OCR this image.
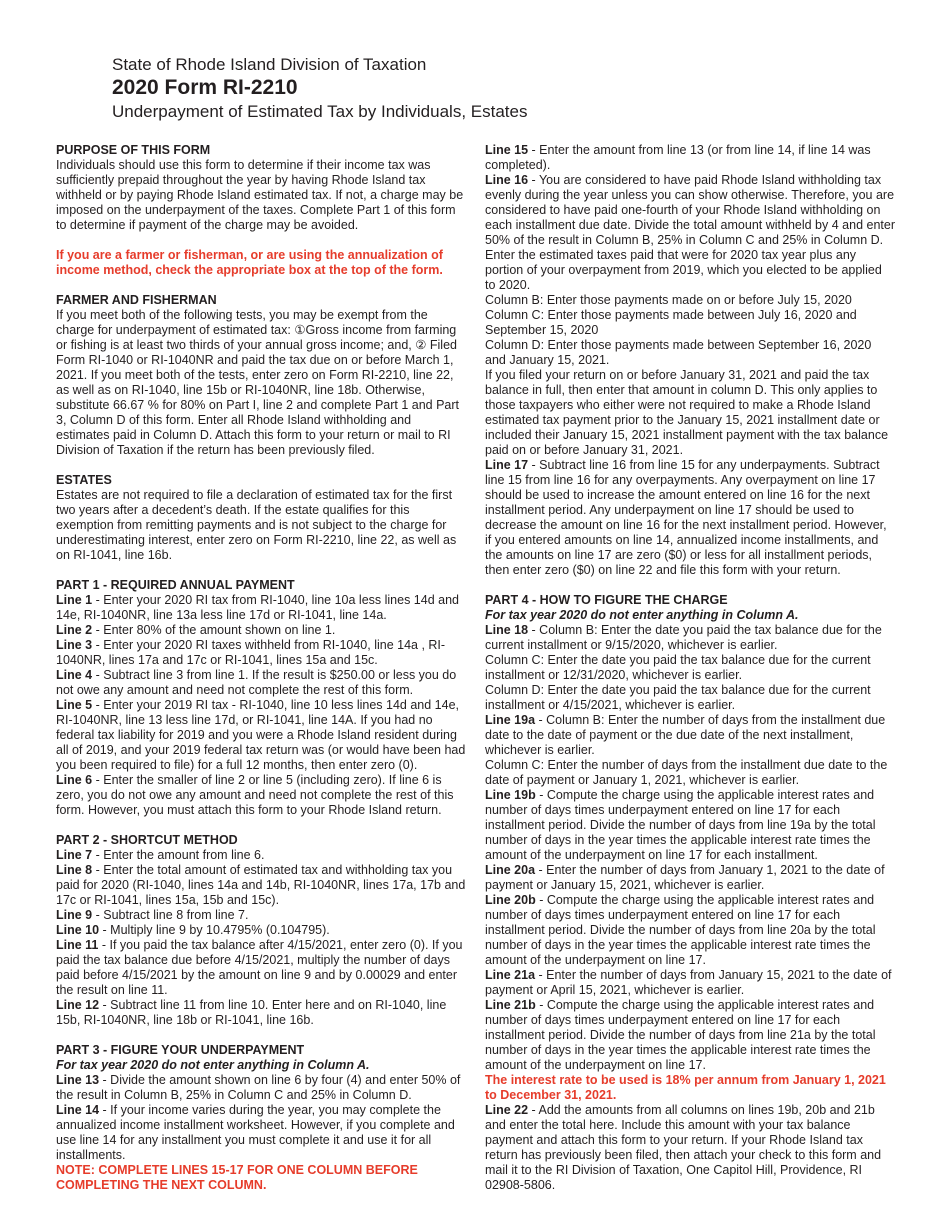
State of Rhode Island Division of Taxation
2020 Form RI-2210
Underpayment of Estimated Tax by Individuals, Estates
PURPOSE OF THIS FORM

Individuals should use this form to determine if their income tax was sufficiently prepaid throughout the year by having Rhode Island tax withheld or by paying Rhode Island estimated tax. If not, a charge may be imposed on the underpayment of the taxes. Complete Part 1 of this form to determine if payment of the charge may be avoided.

If you are a farmer or fisherman, or are using the annualization of income method, check the appropriate box at the top of the form.

FARMER AND FISHERMAN

If you meet both of the following tests, you may be exempt from the charge for underpayment of estimated tax: ①Gross income from farming or fishing is at least two thirds of your annual gross income; and, ② Filed Form RI-1040 or RI-1040NR and paid the tax due on or before March 1, 2021. If you meet both of the tests, enter zero on Form RI-2210, line 22, as well as on RI-1040, line 15b or RI-1040NR, line 18b. Otherwise, substitute 66.67 % for 80% on Part I, line 2 and complete Part 1 and Part 3, Column D of this form. Enter all Rhode Island withholding and estimates paid in Column D. Attach this form to your return or mail to RI Division of Taxation if the return has been previously filed.

ESTATES

Estates are not required to file a declaration of estimated tax for the first two years after a decedent’s death. If the estate qualifies for this exemption from remitting payments and is not subject to the charge for underestimating interest, enter zero on Form RI-2210, line 22, as well as on RI-1041, line 16b.

PART 1 - REQUIRED ANNUAL PAYMENT

Line 1 - Enter your 2020 RI tax from RI-1040, line 10a less lines 14d and 14e, RI-1040NR, line 13a less line 17d or RI-1041, line 14a.

Line 2 - Enter 80% of the amount shown on line 1.

Line 3 - Enter your 2020 RI taxes withheld from RI-1040, line 14a , RI-1040NR, lines 17a and 17c or RI-1041, lines 15a and 15c.

Line 4 - Subtract line 3 from line 1. If the result is $250.00 or less you do not owe any amount and need not complete the rest of this form.

Line 5 - Enter your 2019 RI tax - RI-1040, line 10 less lines 14d and 14e, RI-1040NR, line 13 less line 17d, or RI-1041, line 14A. If you had no federal tax liability for 2019 and you were a Rhode Island resident during all of 2019, and your 2019 federal tax return was (or would have been had you been required to file) for a full 12 months, then enter zero (0).

Line 6 - Enter the smaller of line 2 or line 5 (including zero). If line 6 is zero, you do not owe any amount and need not complete the rest of this form. However, you must attach this form to your Rhode Island return.

PART 2 - SHORTCUT METHOD

Line 7 - Enter the amount from line 6.

Line 8 - Enter the total amount of estimated tax and withholding tax you paid for 2020 (RI-1040, lines 14a and 14b, RI-1040NR, lines 17a, 17b and 17c or RI-1041, lines 15a, 15b and 15c).

Line 9 - Subtract line 8 from line 7.

Line 10 - Multiply line 9 by 10.4795% (0.104795).

Line 11 - If you paid the tax balance after 4/15/2021, enter zero (0). If you paid the tax balance due before 4/15/2021, multiply the number of days paid before 4/15/2021 by the amount on line 9 and by 0.00029 and enter the result on line 11.

Line 12 - Subtract line 11 from line 10. Enter here and on RI-1040, line 15b, RI-1040NR, line 18b or RI-1041, line 16b.

PART 3 - FIGURE YOUR UNDERPAYMENT
For tax year 2020 do not enter anything in Column A.

Line 13 - Divide the amount shown on line 6 by four (4) and enter 50% of the result in Column B, 25% in Column C and 25% in Column D.

Line 14 - If your income varies during the year, you may complete the annualized income installment worksheet. However, if you complete and use line 14 for any installment you must complete it and use it for all installments.

NOTE: COMPLETE LINES 15-17 FOR ONE COLUMN BEFORE COMPLETING THE NEXT COLUMN.

Line 15 - Enter the amount from line 13 (or from line 14, if line 14 was completed).

Line 16 - You are considered to have paid Rhode Island withholding tax evenly during the year unless you can show otherwise. Therefore, you are considered to have paid one-fourth of your Rhode Island withholding on each installment due date. Divide the total amount withheld by 4 and enter 50% of the result in Column B, 25% in Column C and 25% in Column D. Enter the estimated taxes paid that were for 2020 tax year plus any portion of your overpayment from 2019, which you elected to be applied to 2020.

Column B: Enter those payments made on or before July 15, 2020

Column C: Enter those payments made between July 16, 2020 and September 15, 2020

Column D: Enter those payments made between September 16, 2020 and January 15, 2021.

If you filed your return on or before January 31, 2021 and paid the tax balance in full, then enter that amount in column D. This only applies to those taxpayers who either were not required to make a Rhode Island estimated tax payment prior to the January 15, 2021 installment date or included their January 15, 2021 installment payment with the tax balance paid on or before January 31, 2021.

Line 17 - Subtract line 16 from line 15 for any underpayments. Subtract line 15 from line 16 for any overpayments. Any overpayment on line 17 should be used to increase the amount entered on line 16 for the next installment period. Any underpayment on line 17 should be used to decrease the amount on line 16 for the next installment period. However, if you entered amounts on line 14, annualized income installments, and the amounts on line 17 are zero ($0) or less for all installment periods, then enter zero ($0) on line 22 and file this form with your return.

PART 4 - HOW TO FIGURE THE CHARGE
For tax year 2020 do not enter anything in Column A.

Line 18 - Column B: Enter the date you paid the tax balance due for the current installment or 9/15/2020, whichever is earlier.

Column C: Enter the date you paid the tax balance due for the current installment or 12/31/2020, whichever is earlier.

Column D: Enter the date you paid the tax balance due for the current installment or 4/15/2021, whichever is earlier.

Line 19a - Column B: Enter the number of days from the installment due date to the date of payment or the due date of the next installment, whichever is earlier.

Column C: Enter the number of days from the installment due date to the date of payment or January 1, 2021, whichever is earlier.

Line 19b - Compute the charge using the applicable interest rates and number of days times underpayment entered on line 17 for each installment period. Divide the number of days from line 19a by the total number of days in the year times the applicable interest rate times the amount of the underpayment on line 17 for each installment.

Line 20a - Enter the number of days from January 1, 2021 to the date of payment or January 15, 2021, whichever is earlier.

Line 20b - Compute the charge using the applicable interest rates and number of days times underpayment entered on line 17 for each installment period. Divide the number of days from line 20a by the total number of days in the year times the applicable interest rate times the amount of the underpayment on line 17.

Line 21a - Enter the number of days from January 15, 2021 to the date of payment or April 15, 2021, whichever is earlier.

Line 21b - Compute the charge using the applicable interest rates and number of days times underpayment entered on line 17 for each installment period. Divide the number of days from line 21a by the total number of days in the year times the applicable interest rate times the amount of the underpayment on line 17.

The interest rate to be used is 18% per annum from January 1, 2021 to December 31, 2021.

Line 22 - Add the amounts from all columns on lines 19b, 20b and 21b and enter the total here. Include this amount with your tax balance payment and attach this form to your return. If your Rhode Island tax return has previously been filed, then attach your check to this form and mail it to the RI Division of Taxation, One Capitol Hill, Providence, RI 02908-5806.
